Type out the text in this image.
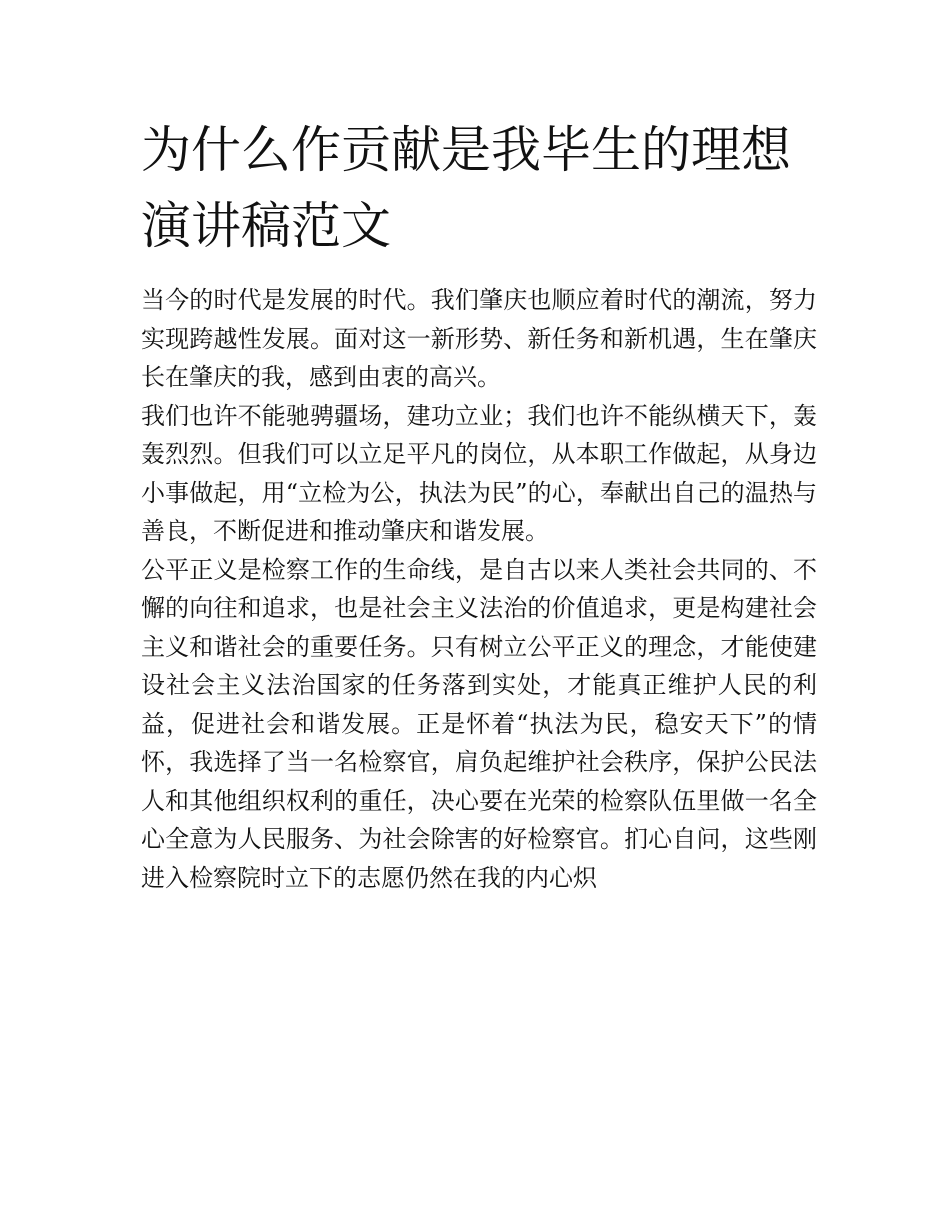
为什么作贡献是我毕生的理想演讲稿范文

当今的时代是发展的时代。我们肇庆也顺应着时代的潮流，努力实现跨越性发展。面对这一新形势、新任务和新机遇，生在肇庆长在肇庆的我，感到由衷的高兴。

我们也许不能驰骋疆场，建功立业；我们也许不能纵横天下，轰轰烈烈。但我们可以立足平凡的岗位，从本职工作做起，从身边小事做起，用“立检为公，执法为民”的心，奉献出自己的温热与善良，不断促进和推动肇庆和谐发展。

公平正义是检察工作的生命线，是自古以来人类社会共同的、不懈的向往和追求，也是社会主义法治的价值追求，更是构建社会主义和谐社会的重要任务。只有树立公平正义的理念，才能使建设社会主义法治国家的任务落到实处，才能真正维护人民的利益，促进社会和谐发展。正是怀着“执法为民，稳安天下”的情怀，我选择了当一名检察官，肩负起维护社会秩序，保护公民法人和其他组织权利的重任，决心要在光荣的检察队伍里做一名全心全意为人民服务、为社会除害的好检察官。扪心自问，这些刚进入检察院时立下的志愿仍然在我的内心炽
